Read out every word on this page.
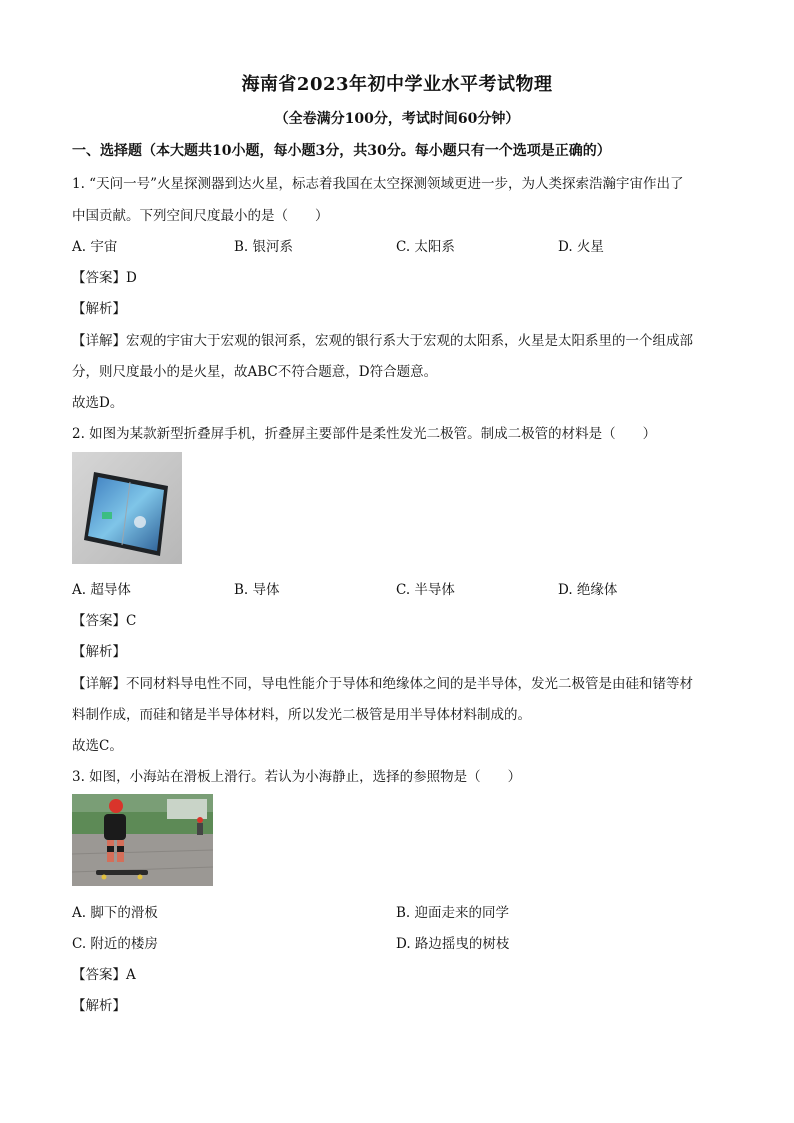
海南省2023年初中学业水平考试物理
（全卷满分100分，考试时间60分钟）
一、选择题（本大题共10小题，每小题3分，共30分。每小题只有一个选项是正确的）
1. “天问一号”火星探测器到达火星，标志着我国在太空探测领域更进一步，为人类探索浩瀚宇宙作出了
中国贡献。下列空间尺度最小的是（　　）
A. 宇宙	B. 银河系	C. 太阳系	D. 火星
【答案】D
【解析】
【详解】宏观的宇宙大于宏观的银河系，宏观的银行系大于宏观的太阳系，火星是太阳系里的一个组成部
分，则尺度最小的是火星，故ABC不符合题意，D符合题意。
故选D。
2. 如图为某款新型折叠屏手机，折叠屏主要部件是柔性发光二极管。制成二极管的材料是（　　）
A. 超导体	B. 导体	C. 半导体	D. 绝缘体
【答案】C
【解析】
【详解】不同材料导电性不同，导电性能介于导体和绝缘体之间的是半导体，发光二极管是由硅和锗等材
料制作成，而硅和锗是半导体材料，所以发光二极管是用半导体材料制成的。
故选C。
3. 如图，小海站在滑板上滑行。若认为小海静止，选择的参照物是（　　）
A. 脚下的滑板	B. 迎面走来的同学
C. 附近的楼房	D. 路边摇曳的树枝
【答案】A
【解析】
